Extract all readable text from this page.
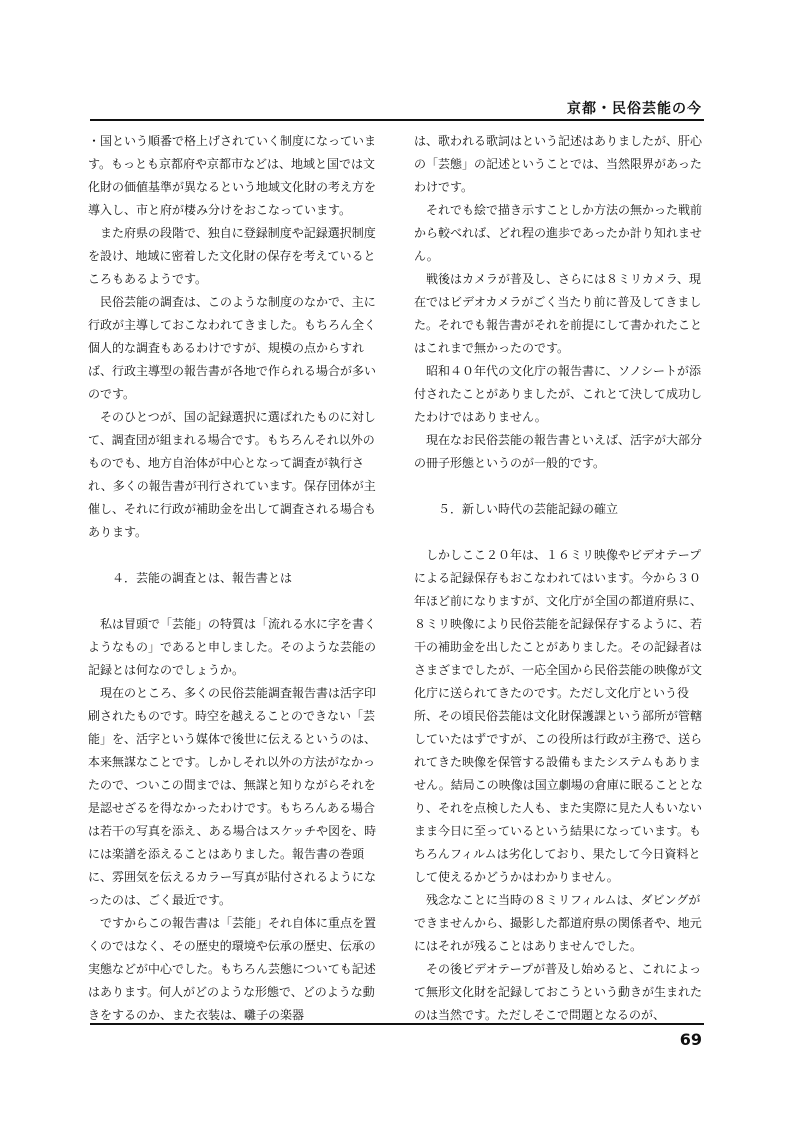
京都・民俗芸能の今

・国という順番で格上げされていく制度になっています。もっとも京都府や京都市などは、地域と国では文化財の価値基準が異なるという地域文化財の考え方を導入し、市と府が棲み分けをおこなっています。

また府県の段階で、独自に登録制度や記録選択制度を設け、地域に密着した文化財の保存を考えているところもあるようです。

民俗芸能の調査は、このような制度のなかで、主に行政が主導しておこなわれてきました。もちろん全く個人的な調査もあるわけですが、規模の点からすれば、行政主導型の報告書が各地で作られる場合が多いのです。

そのひとつが、国の記録選択に選ばれたものに対して、調査団が組まれる場合です。もちろんそれ以外のものでも、地方自治体が中心となって調査が執行され、多くの報告書が刊行されています。保存団体が主催し、それに行政が補助金を出して調査される場合もあります。

４．芸能の調査とは、報告書とは

私は冒頭で「芸能」の特質は「流れる水に字を書くようなもの」であると申しました。そのような芸能の記録とは何なのでしょうか。

現在のところ、多くの民俗芸能調査報告書は活字印刷されたものです。時空を越えることのできない「芸能」を、活字という媒体で後世に伝えるというのは、本来無謀なことです。しかしそれ以外の方法がなかったので、ついこの間までは、無謀と知りながらそれを是認せざるを得なかったわけです。もちろんある場合は若干の写真を添え、ある場合はスケッチや図を、時には楽譜を添えることはありました。報告書の巻頭に、雰囲気を伝えるカラー写真が貼付されるようになったのは、ごく最近です。

ですからこの報告書は「芸能」それ自体に重点を置くのではなく、その歴史的環境や伝承の歴史、伝承の実態などが中心でした。もちろん芸態についても記述はあります。何人がどのような形態で、どのような動きをするのか、また衣装は、囃子の楽器

は、歌われる歌詞はという記述はありましたが、肝心の「芸態」の記述ということでは、当然限界があったわけです。

それでも絵で描き示すことしか方法の無かった戦前から較べれば、どれ程の進歩であったか計り知れません。

戦後はカメラが普及し、さらには８ミリカメラ、現在ではビデオカメラがごく当たり前に普及してきました。それでも報告書がそれを前提にして書かれたことはこれまで無かったのです。

昭和４０年代の文化庁の報告書に、ソノシートが添付されたことがありましたが、これとて決して成功したわけではありません。

現在なお民俗芸能の報告書といえば、活字が大部分の冊子形態というのが一般的です。

５．新しい時代の芸能記録の確立

しかしここ２０年は、１６ミリ映像やビデオテープによる記録保存もおこなわれてはいます。今から３０年ほど前になりますが、文化庁が全国の都道府県に、８ミリ映像により民俗芸能を記録保存するように、若干の補助金を出したことがありました。その記録者はさまざまでしたが、一応全国から民俗芸能の映像が文化庁に送られてきたのです。ただし文化庁という役所、その頃民俗芸能は文化財保護課という部所が管轄していたはずですが、この役所は行政が主務で、送られてきた映像を保管する設備もまたシステムもありません。結局この映像は国立劇場の倉庫に眠ることとなり、それを点検した人も、また実際に見た人もいないまま今日に至っているという結果になっています。もちろんフィルムは劣化しており、果たして今日資料として使えるかどうかはわかりません。

残念なことに当時の８ミリフィルムは、ダビングができませんから、撮影した都道府県の関係者や、地元にはそれが残ることはありませんでした。

その後ビデオテープが普及し始めると、これによって無形文化財を記録しておこうという動きが生まれたのは当然です。ただしそこで問題となるのが、

69
